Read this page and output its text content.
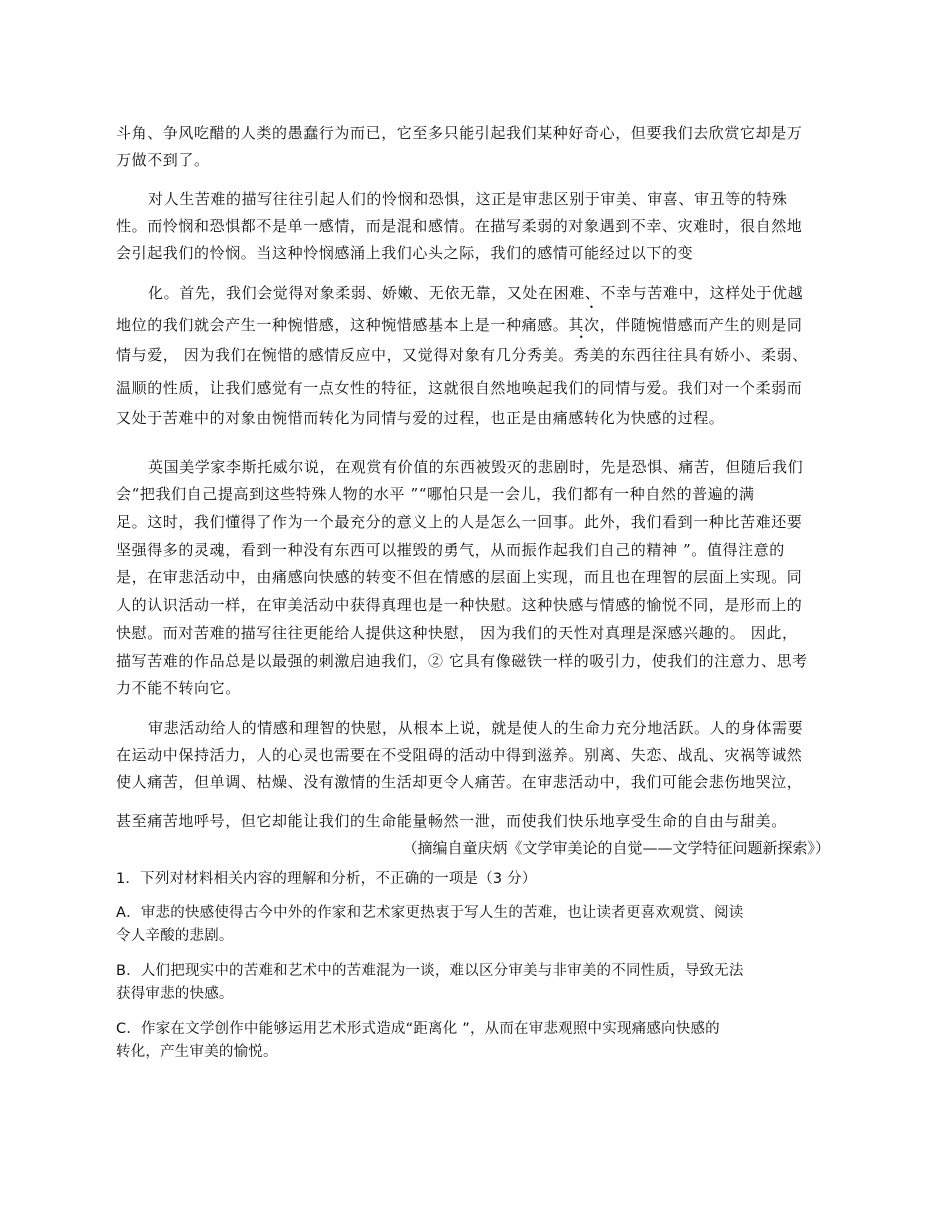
斗角、争风吃醋的人类的愚蠢行为而已，它至多只能引起我们某种好奇心，但要我们去欣赏它却是万
万做不到了。
对人生苦难的描写往往引起人们的怜悯和恐惧，这正是审悲区别于审美、审喜、审丑等的特殊
性。而怜悯和恐惧都不是单一感情，而是混和感情。在描写柔弱的对象遇到不幸、灾难时，很自然地
会引起我们的怜悯。当这种怜悯感涌上我们心头之际，我们的感情可能经过以下的变
化。首先，我们会觉得对象柔弱、娇嫩、无依无靠，又处在困难、不幸与苦难中，这样处于优越
地位的我们就会产生一种惋惜感，这种惋惜感基本上是一种痛感。其次，伴随惋惜感而产生的则是同
情与爱， 因为我们在惋惜的感情反应中，又觉得对象有几分秀美。秀美的东西往往具有娇小、柔弱、
温顺的性质，让我们感觉有一点女性的特征，这就很自然地唤起我们的同情与爱。我们对一个柔弱而
又处于苦难中的对象由惋惜而转化为同情与爱的过程，也正是由痛感转化为快感的过程。
英国美学家李斯托威尔说，在观赏有价值的东西被毁灭的悲剧时，先是恐惧、痛苦，但随后我们
会“把我们自己提高到这些特殊人物的水平 ”“哪怕只是一会儿，我们都有一种自然的普遍的满
足。这时，我们懂得了作为一个最充分的意义上的人是怎么一回事。此外，我们看到一种比苦难还要
坚强得多的灵魂，看到一种没有东西可以摧毁的勇气，从而振作起我们自己的精神 ”。值得注意的
是，在审悲活动中，由痛感向快感的转变不但在情感的层面上实现，而且也在理智的层面上实现。同
人的认识活动一样，在审美活动中获得真理也是一种快慰。这种快感与情感的愉悦不同，是形而上的
快慰。而对苦难的描写往往更能给人提供这种快慰， 因为我们的天性对真理是深感兴趣的。 因此，
描写苦难的作品总是以最强的刺激启迪我们，② 它具有像磁铁一样的吸引力，使我们的注意力、思考
力不能不转向它。
审悲活动给人的情感和理智的快慰，从根本上说，就是使人的生命力充分地活跃。人的身体需要
在运动中保持活力，人的心灵也需要在不受阻碍的活动中得到滋养。别离、失恋、战乱、灾祸等诚然
使人痛苦，但单调、枯燥、没有激情的生活却更令人痛苦。在审悲活动中，我们可能会悲伤地哭泣，
甚至痛苦地呼号，但它却能让我们的生命能量畅然一泄，而使我们快乐地享受生命的自由与甜美。
（摘编自童庆炳《文学审美论的自觉——文学特征问题新探索》）
1．下列对材料相关内容的理解和分析，不正确的一项是（3 分）
A．审悲的快感使得古今中外的作家和艺术家更热衷于写人生的苦难，也让读者更喜欢观赏、阅读
令人辛酸的悲剧。
B．人们把现实中的苦难和艺术中的苦难混为一谈，难以区分审美与非审美的不同性质，导致无法
获得审悲的快感。
C．作家在文学创作中能够运用艺术形式造成“距离化 ”，从而在审悲观照中实现痛感向快感的
转化，产生审美的愉悦。
